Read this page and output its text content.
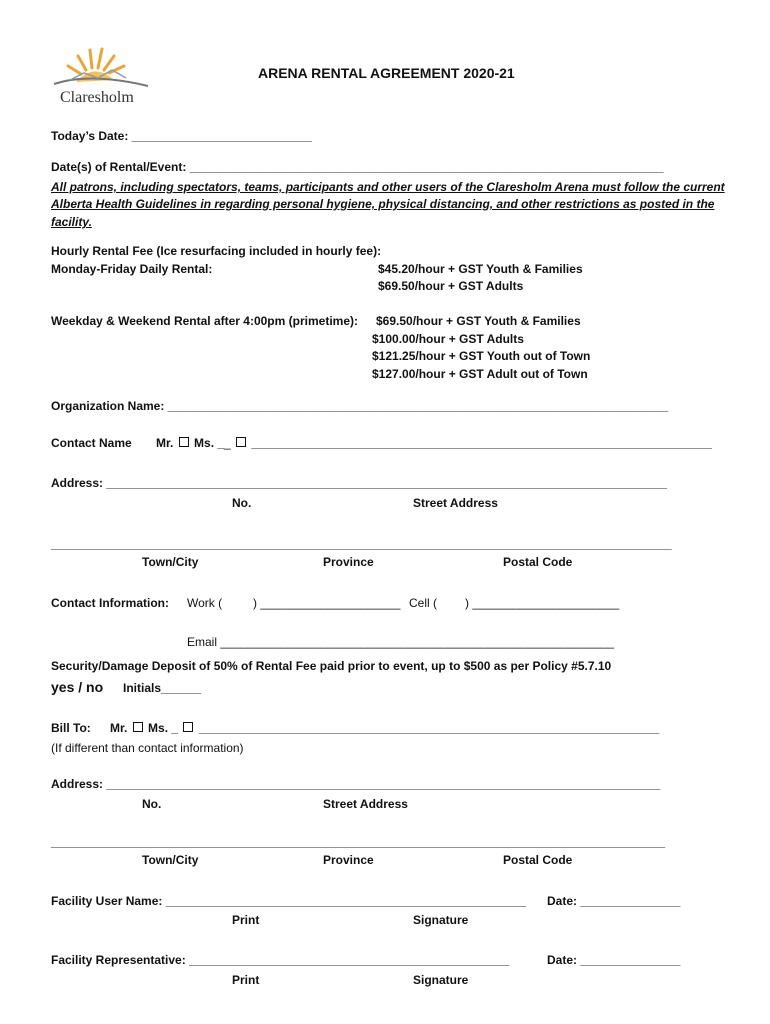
Claresholm
ARENA RENTAL AGREEMENT 2020-21
Today’s Date: ___________________________
Date(s) of Rental/Event: _______________________________________________________________________
All patrons, including spectators, teams, participants and other users of the Claresholm Arena must follow the current
Alberta Health Guidelines in regarding personal hygiene, physical distancing, and other restrictions as posted in the
facility.
Hourly Rental Fee (Ice resurfacing included in hourly fee):
Monday-Friday Daily Rental:	$45.20/hour + GST Youth & Families
$69.50/hour + GST Adults
Weekday & Weekend Rental after 4:00pm (primetime): $69.50/hour + GST Youth & Families
$100.00/hour + GST Adults
$121.25/hour + GST Youth out of Town
$127.00/hour + GST Adult out of Town
Organization Name: ___________________________________________________________________________
Contact Name Mr. Ms. __ _____________________________________________________________________
Address: ____________________________________________________________________________________
No.	Street Address
_____________________________________________________________________________________________
Town/City	Province	Postal Code
Contact Information: Work (	) _____________________ Cell ( ) ______________________
Email ___________________________________________________________
Security/Damage Deposit of 50% of Rental Fee paid prior to event, up to $500 as per Policy #5.7.10
yes / no Initials______
Bill To: Mr. Ms. _ _____________________________________________________________________
(If different than contact information)
Address: ___________________________________________________________________________________
No.	Street Address
____________________________________________________________________________________________
Town/City	Province	Postal Code
Facility User Name: ______________________________________________________ Date: _______________
Print	Signature
Facility Representative: ________________________________________________	Date: _______________
Print	Signature
